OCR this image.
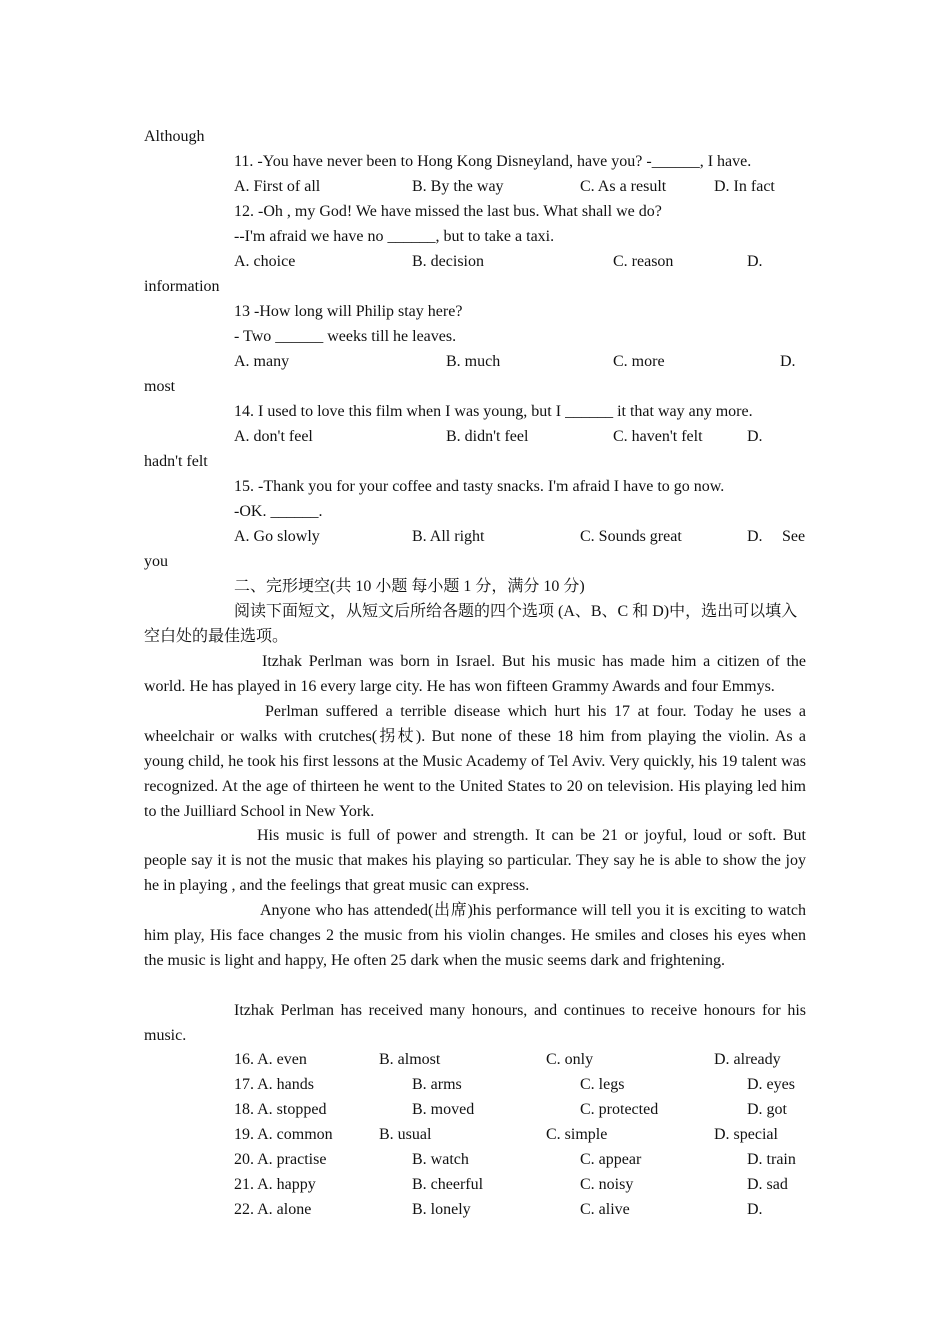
Although
11. -You have never been to Hong Kong Disneyland, have you? -______, I have.
A. First of all	B. By the way	C. As a result	D. In fact
12. -Oh , my God! We have missed the last bus. What shall we do?
--I'm afraid we have no ______, but to take a taxi.
A. choice	B. decision	C. reason	D.
information
13 -How long will Philip stay here?
- Two ______ weeks till he leaves.
A. many	B. much	C. more	D.
most
14. I used to love this film when I was young, but I ______ it that way any more.
A. don't feel	B. didn't feel	C. haven't felt	D.
hadn't felt
15. -Thank you for your coffee and tasty snacks. I'm afraid I have to go now.
-OK. ______.
A. Go slowly	B. All right	C. Sounds great	D. See
you
二、完形埂空(共 10 小题 每小题 1 分，满分 10 分)
阅读下面短文，从短文后所给各题的四个选项 (A、B、C 和 D)中，选出可以填入
空白处的最佳选项。
Itzhak Perlman was born in Israel. But his music has made him a citizen of the world. He has played in 16 every large city. He has won fifteen Grammy Awards and four Emmys.
Perlman suffered a terrible disease which hurt his 17 at four. Today he uses a wheelchair or walks with crutches(拐杖). But none of these 18 him from playing the violin. As a young child, he took his first lessons at the Music Academy of Tel Aviv. Very quickly, his 19 talent was recognized. At the age of thirteen he went to the United States to 20 on television. His playing led him to the Juilliard School in New York.
His music is full of power and strength. It can be 21 or joyful, loud or soft. But people say it is not the music that makes his playing so particular. They say he is able to show the joy he in playing , and the feelings that great music can express.
Anyone who has attended(出席)his performance will tell you it is exciting to watch him play, His face changes 2 the music from his violin changes. He smiles and closes his eyes when the music is light and happy, He often 25 dark when the music seems dark and frightening.
Itzhak Perlman has received many honours, and continues to receive honours for his music.
16. A. even	B. almost	C. only	D. already
17. A. hands	B. arms	C. legs	D. eyes
18. A. stopped	B. moved	C. protected	D. got
19. A. common	B. usual	C. simple	D. special
20. A. practise	B. watch	C. appear	D. train
21. A. happy	B. cheerful	C. noisy	D. sad
22. A. alone	B. lonely	C. alive	D.
